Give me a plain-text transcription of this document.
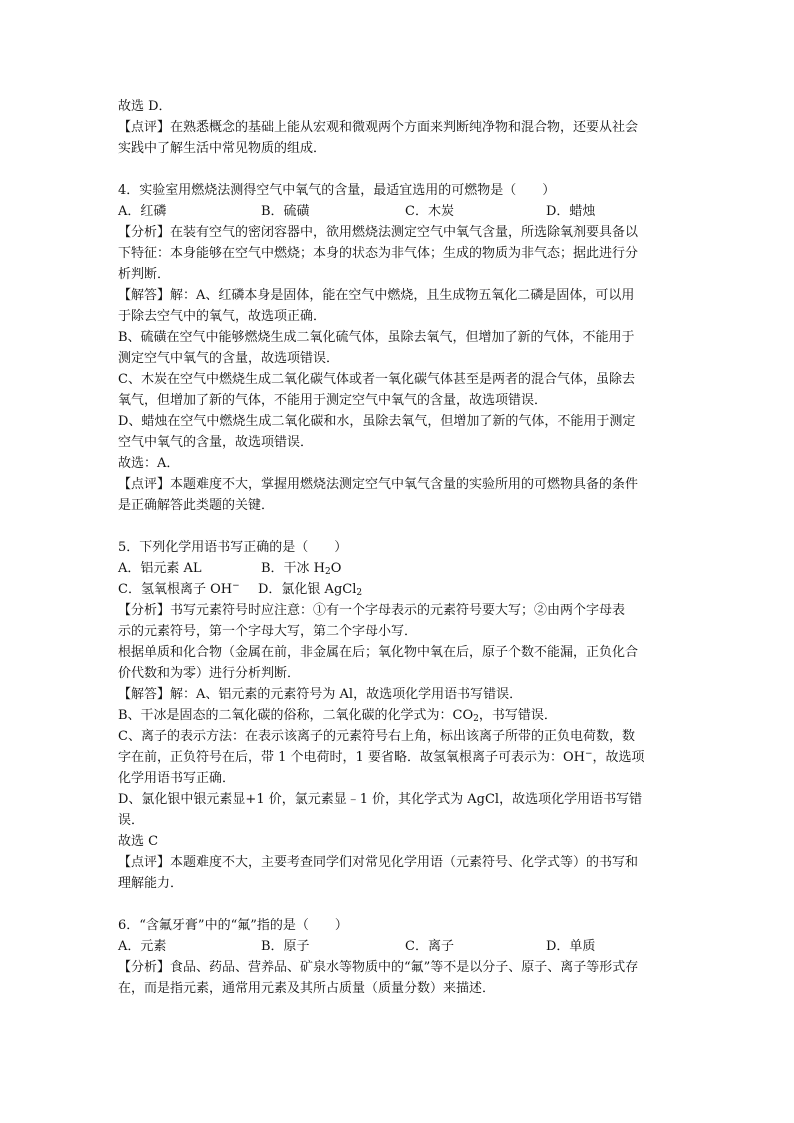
故选 D．
【点评】在熟悉概念的基础上能从宏观和微观两个方面来判断纯净物和混合物，还要从社会
实践中了解生活中常见物质的组成．
4．实验室用燃烧法测得空气中氧气的含量，最适宜选用的可燃物是（　　）
A．红磷	B．硫磺	C．木炭	D．蜡烛
【分析】在装有空气的密闭容器中，欲用燃烧法测定空气中氧气含量，所选除氧剂要具备以
下特征：本身能够在空气中燃烧；本身的状态为非气体；生成的物质为非气态；据此进行分
析判断．
【解答】解：A、红磷本身是固体，能在空气中燃烧，且生成物五氧化二磷是固体，可以用
于除去空气中的氧气，故选项正确．
B、硫磺在空气中能够燃烧生成二氧化硫气体，虽除去氧气，但增加了新的气体，不能用于
测定空气中氧气的含量，故选项错误．
C、木炭在空气中燃烧生成二氧化碳气体或者一氧化碳气体甚至是两者的混合气体，虽除去
氧气，但增加了新的气体，不能用于测定空气中氧气的含量，故选项错误．
D、蜡烛在空气中燃烧生成二氧化碳和水，虽除去氧气，但增加了新的气体，不能用于测定
空气中氧气的含量，故选项错误．
故选：A．
【点评】本题难度不大，掌握用燃烧法测定空气中氧气含量的实验所用的可燃物具备的条件
是正确解答此类题的关键．
5．下列化学用语书写正确的是（　　）
A．铝元素 AL	B．干冰 $H_2O$
C．氢氧根离子 OH−	D．氯化银 AgCl$_2$
【分析】书写元素符号时应注意：①有一个字母表示的元素符号要大写；②由两个字母表
示的元素符号，第一个字母大写，第二个字母小写．
根据单质和化合物（金属在前，非金属在后；氧化物中氧在后，原子个数不能漏，正负化合
价代数和为零）进行分析判断．
【解答】解：A、铝元素的元素符号为 Al，故选项化学用语书写错误．
B、干冰是固态的二氧化碳的俗称，二氧化碳的化学式为：$CO_2$，书写错误．
C、离子的表示方法：在表示该离子的元素符号右上角，标出该离子所带的正负电荷数，数
字在前，正负符号在后，带 1 个电荷时，1 要省略．故氢氧根离子可表示为：OH−，故选项
化学用语书写正确．
D、氯化银中银元素显+1 价，氯元素显﹣1 价，其化学式为 AgCl，故选项化学用语书写错
误．
故选 C
【点评】本题难度不大，主要考查同学们对常见化学用语（元素符号、化学式等）的书写和
理解能力．
6．“含氟牙膏”中的“氟”指的是（　　）
A．元素	B．原子	C．离子	D．单质
【分析】食品、药品、营养品、矿泉水等物质中的“氟”等不是以分子、原子、离子等形式存
在，而是指元素，通常用元素及其所占质量（质量分数）来描述．
